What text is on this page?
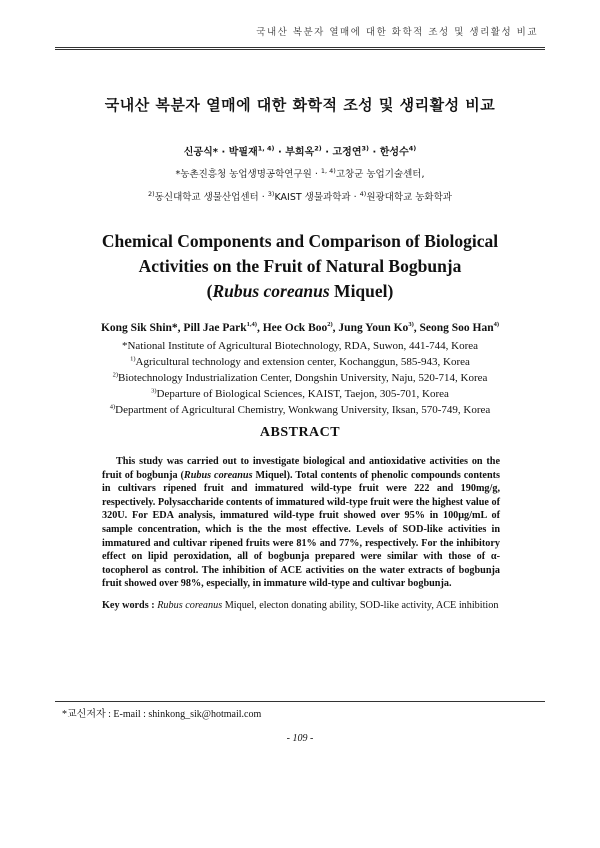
국내산 복분자 열매에 대한 화학적 조성 및 생리활성 비교
국내산 복분자 열매에 대한 화학적 조성 및 생리활성 비교
신공식* · 박필재$^{1, 4)}$ · 부희옥$^{2)}$ · 고정연$^{3)}$ · 한성수$^{4)}$
*농촌진흥청 농업생명공학연구원 · $^{1, 4)}$고창군 농업기술센터,
$^{2)}$동신대학교 생물산업센터 · $^{3)}$KAIST 생물과학과 · $^{4)}$원광대학교 농화학과
Chemical Components and Comparison of Biological
Activities on the Fruit of Natural Bogbunja
(Rubus coreanus Miquel)
Kong Sik Shin*, Pill Jae Park$^{1,4)}$, Hee Ock Boo$^{2)}$, Jung Youn Ko$^{3)}$, Seong Soo Han$^{4)}$
*National Institute of Agricultural Biotechnology, RDA, Suwon, 441-744, Korea
$^{1)}$Agricultural technology and extension center, Kochanggun, 585-943, Korea
$^{2)}$Biotechnology Industrialization Center, Dongshin University, Naju, 520-714, Korea
$^{3)}$Departure of Biological Sciences, KAIST, Taejon, 305-701, Korea
$^{4)}$Department of Agricultural Chemistry, Wonkwang University, Iksan, 570-749, Korea
ABSTRACT
This study was carried out to investigate biological and antioxidative activities on the fruit of bogbunja (Rubus coreanus Miquel). Total contents of phenolic compounds contents in cultivars ripened fruit and immatured wild-type fruit were 222 and 190mg/g, respectively. Polysaccharide contents of immatured wild-type fruit were the highest value of 320U. For EDA analysis, immatured wild-type fruit showed over 95% in 100μg/mL of sample concentration, which is the the most effective. Levels of SOD-like activities in immatured and cultivar ripened fruits were 81% and 77%, respectively. For the inhibitory effect on lipid peroxidation, all of bogbunja prepared were similar with those of α-tocopherol as control. The inhibition of ACE activities on the water extracts of bogbunja fruit showed over 98%, especially, in immature wild-type and cultivar bogbunja.
Key words : Rubus coreanus Miquel, electon donating ability, SOD-like activity, ACE inhibition
*교신저자 : E-mail : shinkong_sik@hotmail.com
- 109 -
